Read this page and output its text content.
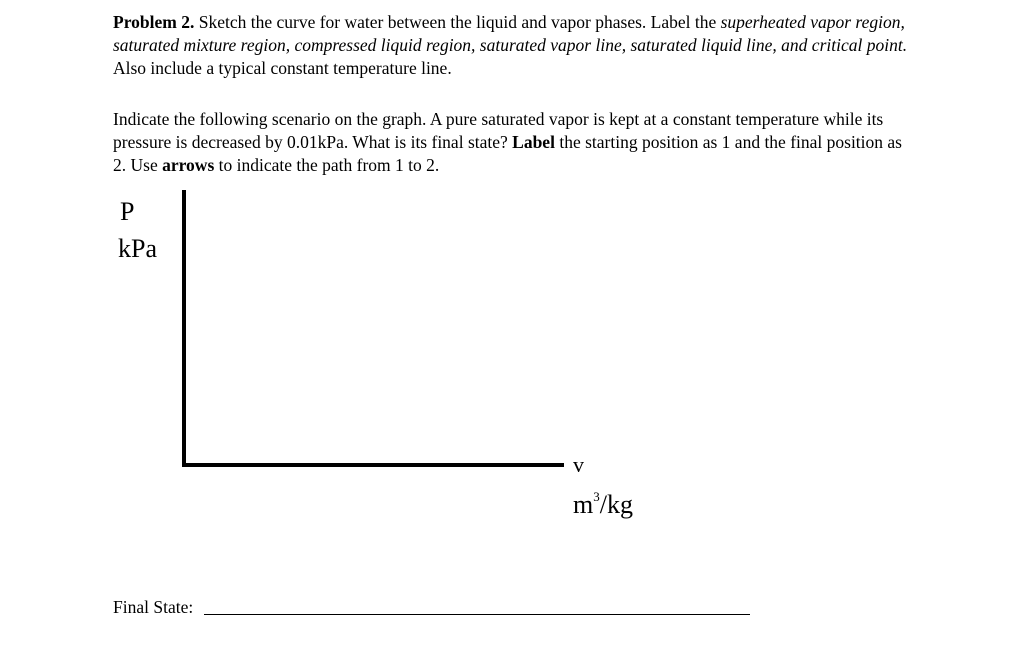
Problem 2. Sketch the curve for water between the liquid and vapor phases. Label the superheated vapor region, saturated mixture region, compressed liquid region, saturated vapor line, saturated liquid line, and critical point. Also include a typical constant temperature line.

Indicate the following scenario on the graph. A pure saturated vapor is kept at a constant temperature while its pressure is decreased by 0.01kPa. What is its final state? Label the starting position as 1 and the final position as 2. Use arrows to indicate the path from 1 to 2.

P
kPa
v
$m^3/kg$
Final State:
